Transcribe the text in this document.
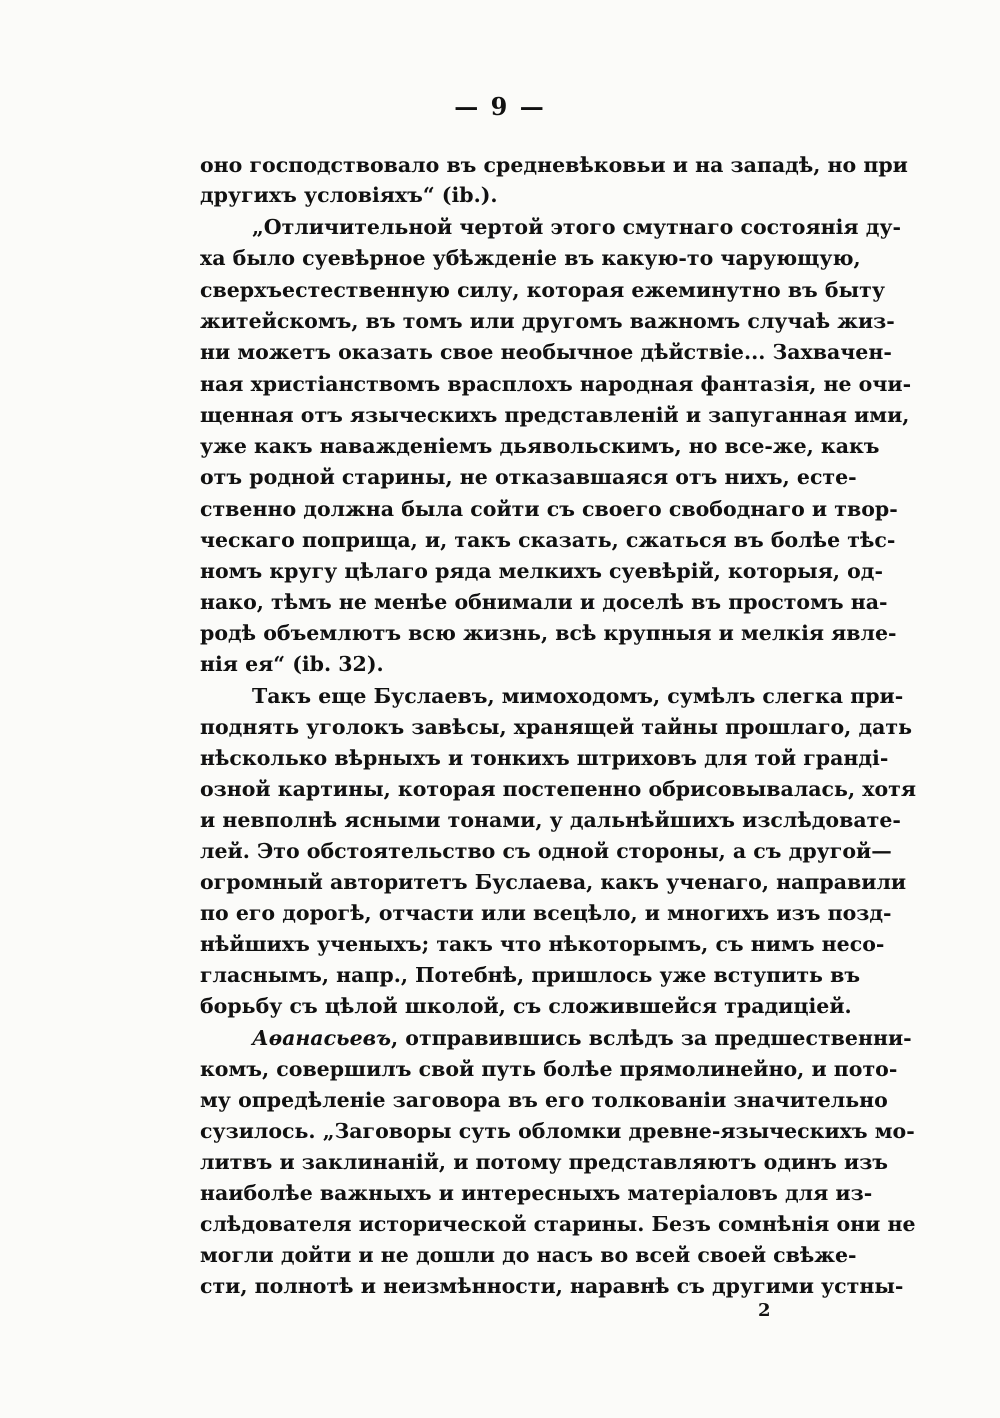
— 9 —
оно господствовало въ средневѣковьи и на западѣ, но при
другихъ условіяхъ“ (ib.).
„Отличительной чертой этого смутнаго состоянія ду-
ха было суевѣрное убѣжденіе въ какую-то чарующую,
сверхъестественную силу, которая ежеминутно въ быту
житейскомъ, въ томъ или другомъ важномъ случаѣ жиз-
ни можетъ оказать свое необычное дѣйствіе... Захвачен-
ная христіанствомъ врасплохъ народная фантазія, не очи-
щенная отъ языческихъ представленій и запуганная ими,
уже какъ наважденіемъ дьявольскимъ, но все-же, какъ
отъ родной старины, не отказавшаяся отъ нихъ, есте-
ственно должна была сойти съ своего свободнаго и твор-
ческаго поприща, и, такъ сказать, сжаться въ болѣе тѣс-
номъ кругу цѣлаго ряда мелкихъ суевѣрій, которыя, од-
нако, тѣмъ не менѣе обнимали и доселѣ въ простомъ на-
родѣ объемлютъ всю жизнь, всѣ крупныя и мелкія явле-
нія ея“ (ib. 32).
Такъ еще Буслаевъ, мимоходомъ, сумѣлъ слегка при-
поднять уголокъ завѣсы, хранящей тайны прошлаго, дать
нѣсколько вѣрныхъ и тонкихъ штриховъ для той гранді-
озной картины, которая постепенно обрисовывалась, хотя
и невполнѣ ясными тонами, у дальнѣйшихъ изслѣдовате-
лей. Это обстоятельство съ одной стороны, а съ другой—
огромный авторитетъ Буслаева, какъ ученаго, направили
по его дорогѣ, отчасти или всецѣло, и многихъ изъ позд-
нѣйшихъ ученыхъ; такъ что нѣкоторымъ, съ нимъ несо-
гласнымъ, напр., Потебнѣ, пришлось уже вступить въ
борьбу съ цѣлой школой, съ сложившейся традиціей.
Аѳанасьевъ, отправившись вслѣдъ за предшественни-
комъ, совершилъ свой путь болѣе прямолинейно, и пото-
му опредѣленіе заговора въ его толкованіи значительно
сузилось. „Заговоры суть обломки древне-языческихъ мо-
литвъ и заклинаній, и потому представляютъ одинъ изъ
наиболѣе важныхъ и интересныхъ матеріаловъ для из-
слѣдователя исторической старины. Безъ сомнѣнія они не
могли дойти и не дошли до насъ во всей своей свѣже-
сти, полнотѣ и неизмѣнности, наравнѣ съ другими устны-
2
